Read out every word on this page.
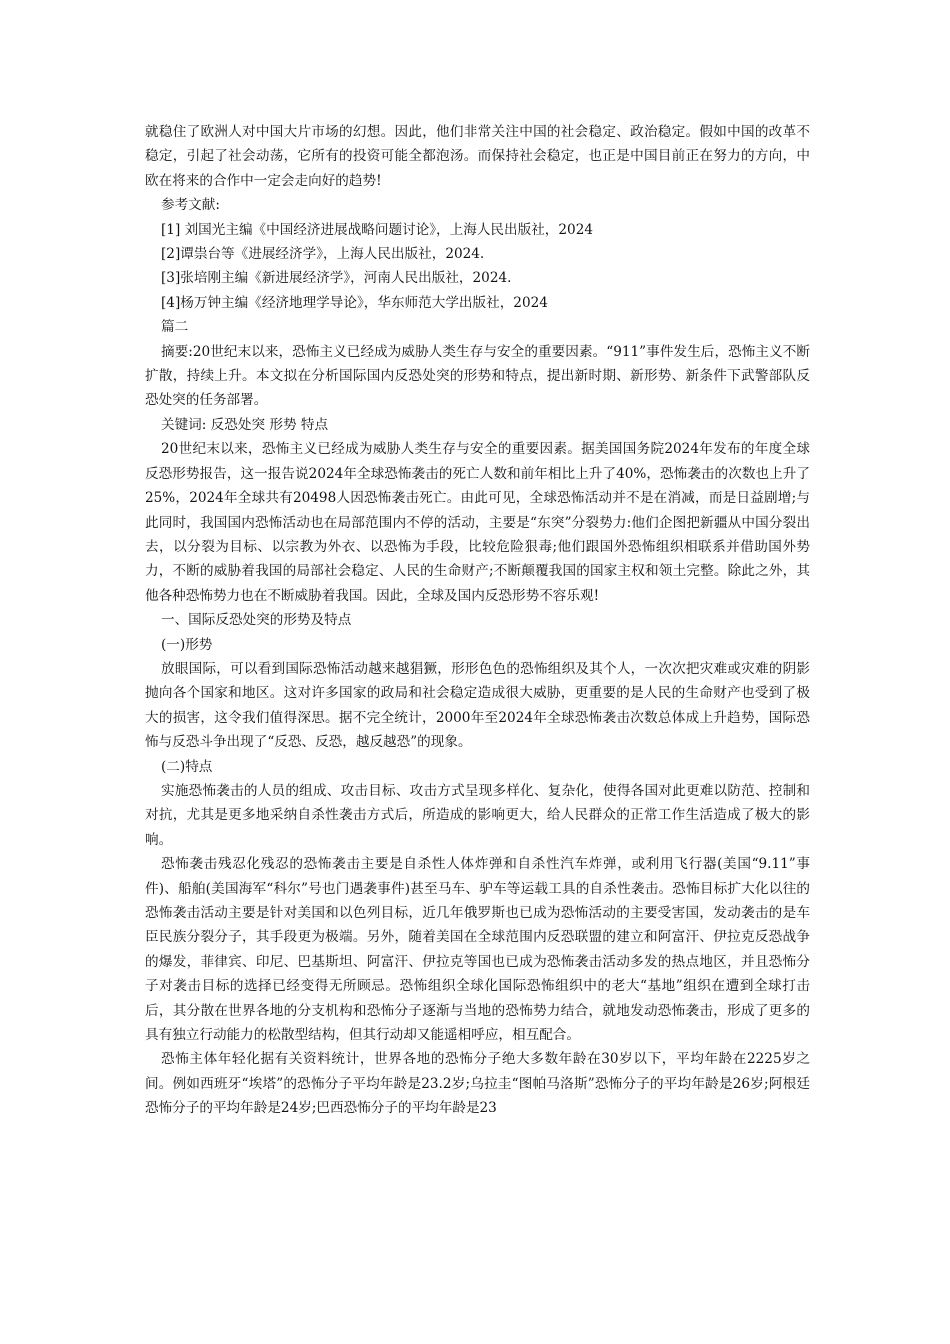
就稳住了欧洲人对中国大片市场的幻想。因此，他们非常关注中国的社会稳定、政治稳定。假如中国的改革不稳定，引起了社会动荡，它所有的投资可能全都泡汤。而保持社会稳定，也正是中国目前正在努力的方向，中欧在将来的合作中一定会走向好的趋势!

参考文献:

[1] 刘国光主编《中国经济进展战略问题讨论》，上海人民出版社，2024

[2]谭祟台等《进展经济学》，上海人民出版社，2024.

[3]张培刚主编《新进展经济学》，河南人民出版社，2024.

[4]杨万钟主编《经济地理学导论》，华东师范大学出版社，2024

篇二

摘要:20世纪末以来，恐怖主义已经成为威胁人类生存与安全的重要因素。“911”事件发生后，恐怖主义不断扩散，持续上升。本文拟在分析国际国内反恐处突的形势和特点，提出新时期、新形势、新条件下武警部队反恐处突的任务部署。

关键词: 反恐处突 形势 特点

20世纪末以来，恐怖主义已经成为威胁人类生存与安全的重要因素。据美国国务院2024年发布的年度全球反恐形势报告，这一报告说2024年全球恐怖袭击的死亡人数和前年相比上升了40%，恐怖袭击的次数也上升了25%，2024年全球共有20498人因恐怖袭击死亡。由此可见，全球恐怖活动并不是在消减，而是日益剧增;与此同时，我国国内恐怖活动也在局部范围内不停的活动，主要是“东突”分裂势力:他们企图把新疆从中国分裂出去，以分裂为目标、以宗教为外衣、以恐怖为手段，比较危险狠毒;他们跟国外恐怖组织相联系并借助国外势力，不断的威胁着我国的局部社会稳定、人民的生命财产;不断颠覆我国的国家主权和领土完整。除此之外，其他各种恐怖势力也在不断威胁着我国。因此，全球及国内反恐形势不容乐观!

一、国际反恐处突的形势及特点

(一)形势

放眼国际，可以看到国际恐怖活动越来越猖獗，形形色色的恐怖组织及其个人，一次次把灾难或灾难的阴影抛向各个国家和地区。这对许多国家的政局和社会稳定造成很大威胁，更重要的是人民的生命财产也受到了极大的损害，这令我们值得深思。据不完全统计，2000年至2024年全球恐怖袭击次数总体成上升趋势，国际恐怖与反恐斗争出现了“反恐、反恐，越反越恐”的现象。

(二)特点

实施恐怖袭击的人员的组成、攻击目标、攻击方式呈现多样化、复杂化，使得各国对此更难以防范、控制和对抗，尤其是更多地采纳自杀性袭击方式后，所造成的影响更大，给人民群众的正常工作生活造成了极大的影响。

恐怖袭击残忍化残忍的恐怖袭击主要是自杀性人体炸弹和自杀性汽车炸弹，或利用飞行器(美国“9.11”事件)、船舶(美国海军“科尔”号也门遇袭事件)甚至马车、驴车等运载工具的自杀性袭击。恐怖目标扩大化以往的恐怖袭击活动主要是针对美国和以色列目标，近几年俄罗斯也已成为恐怖活动的主要受害国，发动袭击的是车臣民族分裂分子，其手段更为极端。另外，随着美国在全球范围内反恐联盟的建立和阿富汗、伊拉克反恐战争的爆发，菲律宾、印尼、巴基斯坦、阿富汗、伊拉克等国也已成为恐怖袭击活动多发的热点地区，并且恐怖分子对袭击目标的选择已经变得无所顾忌。恐怖组织全球化国际恐怖组织中的老大“基地”组织在遭到全球打击后，其分散在世界各地的分支机构和恐怖分子逐渐与当地的恐怖势力结合，就地发动恐怖袭击，形成了更多的具有独立行动能力的松散型结构，但其行动却又能遥相呼应，相互配合。

恐怖主体年轻化据有关资料统计，世界各地的恐怖分子绝大多数年龄在30岁以下，平均年龄在2225岁之间。例如西班牙“埃塔”的恐怖分子平均年龄是23.2岁;乌拉圭“图帕马洛斯”恐怖分子的平均年龄是26岁;阿根廷恐怖分子的平均年龄是24岁;巴西恐怖分子的平均年龄是23
